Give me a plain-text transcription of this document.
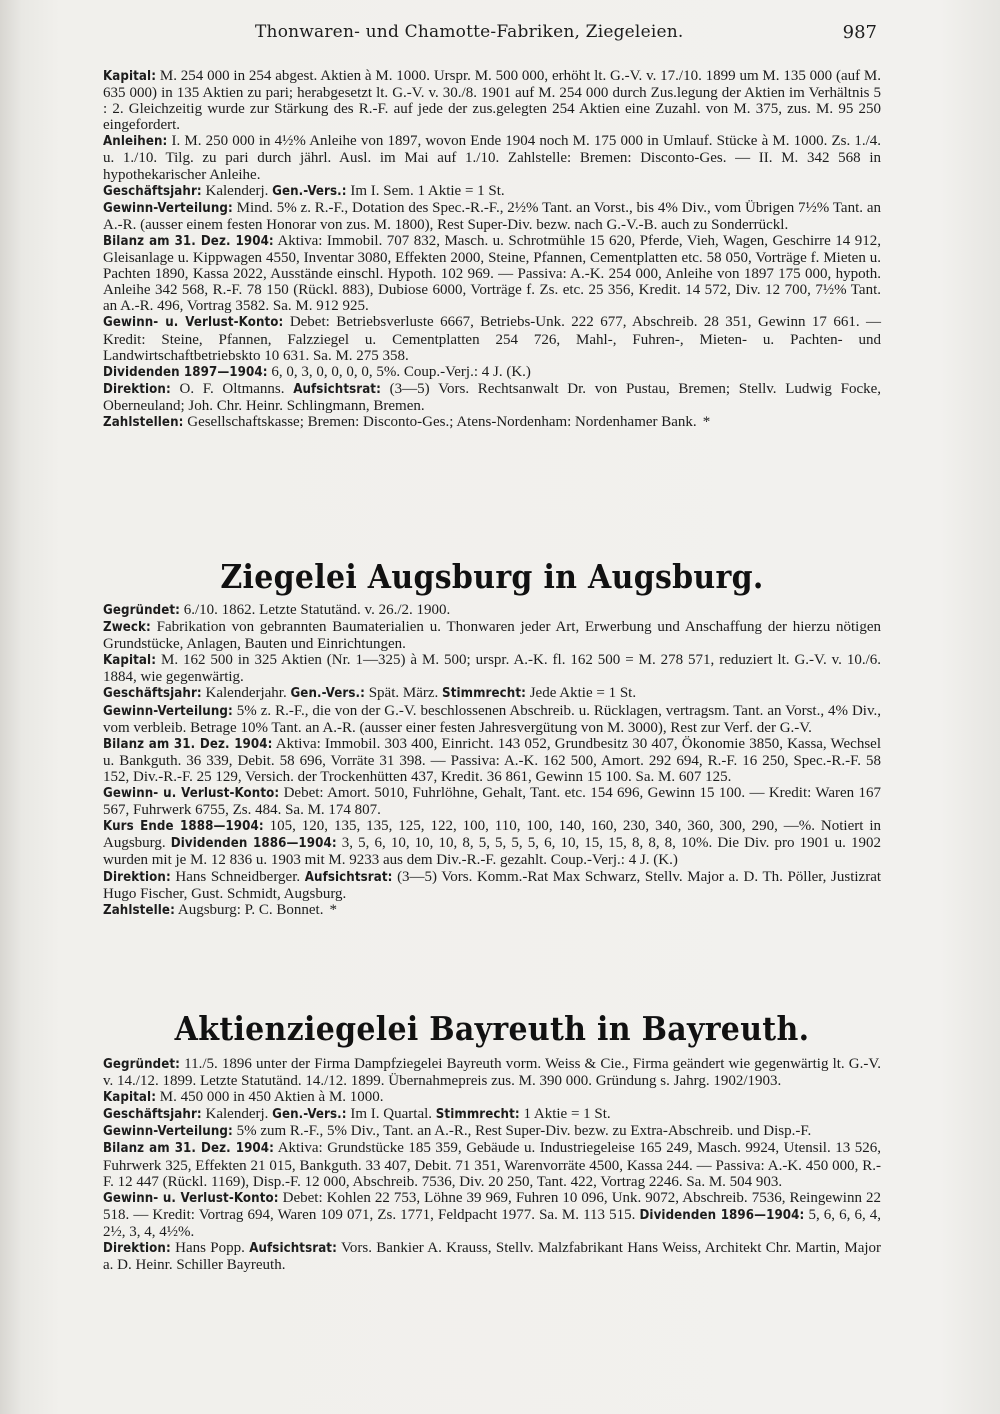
Thonwaren- und Chamotte-Fabriken, Ziegeleien.	987

Kapital: M. 254 000 in 254 abgest. Aktien à M. 1000. Urspr. M. 500 000, erhöht lt. G.-V. v. 17./10. 1899 um M. 135 000 (auf M. 635 000) in 135 Aktien zu pari; herabgesetzt lt. G.-V. v. 30./8. 1901 auf M. 254 000 durch Zus.legung der Aktien im Verhältnis 5 : 2. Gleichzeitig wurde zur Stärkung des R.-F. auf jede der zus.gelegten 254 Aktien eine Zuzahl. von M. 375, zus. M. 95 250 eingefordert.

Anleihen: I. M. 250 000 in 4½% Anleihe von 1897, wovon Ende 1904 noch M. 175 000 in Umlauf. Stücke à M. 1000. Zs. 1./4. u. 1./10. Tilg. zu pari durch jährl. Ausl. im Mai auf 1./10. Zahlstelle: Bremen: Disconto-Ges. — II. M. 342 568 in hypothekarischer Anleihe.

Geschäftsjahr: Kalenderj. Gen.-Vers.: Im I. Sem. 1 Aktie = 1 St.

Gewinn-Verteilung: Mind. 5% z. R.-F., Dotation des Spec.-R.-F., 2½% Tant. an Vorst., bis 4% Div., vom Übrigen 7½% Tant. an A.-R. (ausser einem festen Honorar von zus. M. 1800), Rest Super-Div. bezw. nach G.-V.-B. auch zu Sonderrückl.

Bilanz am 31. Dez. 1904: Aktiva: Immobil. 707 832, Masch. u. Schrotmühle 15 620, Pferde, Vieh, Wagen, Geschirre 14 912, Gleisanlage u. Kippwagen 4550, Inventar 3080, Effekten 2000, Steine, Pfannen, Cementplatten etc. 58 050, Vorträge f. Mieten u. Pachten 1890, Kassa 2022, Ausstände einschl. Hypoth. 102 969. — Passiva: A.-K. 254 000, Anleihe von 1897 175 000, hypoth. Anleihe 342 568, R.-F. 78 150 (Rückl. 883), Dubiose 6000, Vorträge f. Zs. etc. 25 356, Kredit. 14 572, Div. 12 700, 7½% Tant. an A.-R. 496, Vortrag 3582. Sa. M. 912 925.

Gewinn- u. Verlust-Konto: Debet: Betriebsverluste 6667, Betriebs-Unk. 222 677, Abschreib. 28 351, Gewinn 17 661. — Kredit: Steine, Pfannen, Falzziegel u. Cementplatten 254 726, Mahl-, Fuhren-, Mieten- u. Pachten- und Landwirtschaftbetriebskto 10 631. Sa. M. 275 358.

Dividenden 1897—1904: 6, 0, 3, 0, 0, 0, 0, 5%. Coup.-Verj.: 4 J. (K.)

Direktion: O. F. Oltmanns. Aufsichtsrat: (3—5) Vors. Rechtsanwalt Dr. von Pustau, Bremen; Stellv. Ludwig Focke, Oberneuland; Joh. Chr. Heinr. Schlingmann, Bremen.

Zahlstellen: Gesellschaftskasse; Bremen: Disconto-Ges.; Atens-Nordenham: Nordenhamer Bank. *

Ziegelei Augsburg in Augsburg.

Gegründet: 6./10. 1862. Letzte Statutänd. v. 26./2. 1900.

Zweck: Fabrikation von gebrannten Baumaterialien u. Thonwaren jeder Art, Erwerbung und Anschaffung der hierzu nötigen Grundstücke, Anlagen, Bauten und Einrichtungen.

Kapital: M. 162 500 in 325 Aktien (Nr. 1—325) à M. 500; urspr. A.-K. fl. 162 500 = M. 278 571, reduziert lt. G.-V. v. 10./6. 1884, wie gegenwärtig.

Geschäftsjahr: Kalenderjahr. Gen.-Vers.: Spät. März. Stimmrecht: Jede Aktie = 1 St.

Gewinn-Verteilung: 5% z. R.-F., die von der G.-V. beschlossenen Abschreib. u. Rücklagen, vertragsm. Tant. an Vorst., 4% Div., vom verbleib. Betrage 10% Tant. an A.-R. (ausser einer festen Jahresvergütung von M. 3000), Rest zur Verf. der G.-V.

Bilanz am 31. Dez. 1904: Aktiva: Immobil. 303 400, Einricht. 143 052, Grundbesitz 30 407, Ökonomie 3850, Kassa, Wechsel u. Bankguth. 36 339, Debit. 58 696, Vorräte 31 398. — Passiva: A.-K. 162 500, Amort. 292 694, R.-F. 16 250, Spec.-R.-F. 58 152, Div.-R.-F. 25 129, Versich. der Trockenhütten 437, Kredit. 36 861, Gewinn 15 100. Sa. M. 607 125.

Gewinn- u. Verlust-Konto: Debet: Amort. 5010, Fuhrlöhne, Gehalt, Tant. etc. 154 696, Gewinn 15 100. — Kredit: Waren 167 567, Fuhrwerk 6755, Zs. 484. Sa. M. 174 807.

Kurs Ende 1888—1904: 105, 120, 135, 135, 125, 122, 100, 110, 100, 140, 160, 230, 340, 360, 300, 290, —%. Notiert in Augsburg. Dividenden 1886—1904: 3, 5, 6, 10, 10, 10, 8, 5, 5, 5, 5, 6, 10, 15, 15, 8, 8, 8, 10%. Die Div. pro 1901 u. 1902 wurden mit je M. 12 836 u. 1903 mit M. 9233 aus dem Div.-R.-F. gezahlt. Coup.-Verj.: 4 J. (K.)

Direktion: Hans Schneidberger. Aufsichtsrat: (3—5) Vors. Komm.-Rat Max Schwarz, Stellv. Major a. D. Th. Pöller, Justizrat Hugo Fischer, Gust. Schmidt, Augsburg.

Zahlstelle: Augsburg: P. C. Bonnet. *

Aktienziegelei Bayreuth in Bayreuth.

Gegründet: 11./5. 1896 unter der Firma Dampfziegelei Bayreuth vorm. Weiss & Cie., Firma geändert wie gegenwärtig lt. G.-V. v. 14./12. 1899. Letzte Statutänd. 14./12. 1899. Übernahmepreis zus. M. 390 000. Gründung s. Jahrg. 1902/1903.

Kapital: M. 450 000 in 450 Aktien à M. 1000.

Geschäftsjahr: Kalenderj. Gen.-Vers.: Im I. Quartal. Stimmrecht: 1 Aktie = 1 St.

Gewinn-Verteilung: 5% zum R.-F., 5% Div., Tant. an A.-R., Rest Super-Div. bezw. zu Extra-Abschreib. und Disp.-F.

Bilanz am 31. Dez. 1904: Aktiva: Grundstücke 185 359, Gebäude u. Industriegeleise 165 249, Masch. 9924, Utensil. 13 526, Fuhrwerk 325, Effekten 21 015, Bankguth. 33 407, Debit. 71 351, Warenvorräte 4500, Kassa 244. — Passiva: A.-K. 450 000, R.-F. 12 447 (Rückl. 1169), Disp.-F. 12 000, Abschreib. 7536, Div. 20 250, Tant. 422, Vortrag 2246. Sa. M. 504 903.

Gewinn- u. Verlust-Konto: Debet: Kohlen 22 753, Löhne 39 969, Fuhren 10 096, Unk. 9072, Abschreib. 7536, Reingewinn 22 518. — Kredit: Vortrag 694, Waren 109 071, Zs. 1771, Feldpacht 1977. Sa. M. 113 515. Dividenden 1896—1904: 5, 6, 6, 6, 4, 2½, 3, 4, 4½%.

Direktion: Hans Popp. Aufsichtsrat: Vors. Bankier A. Krauss, Stellv. Malzfabrikant Hans Weiss, Architekt Chr. Martin, Major a. D. Heinr. Schiller Bayreuth.
